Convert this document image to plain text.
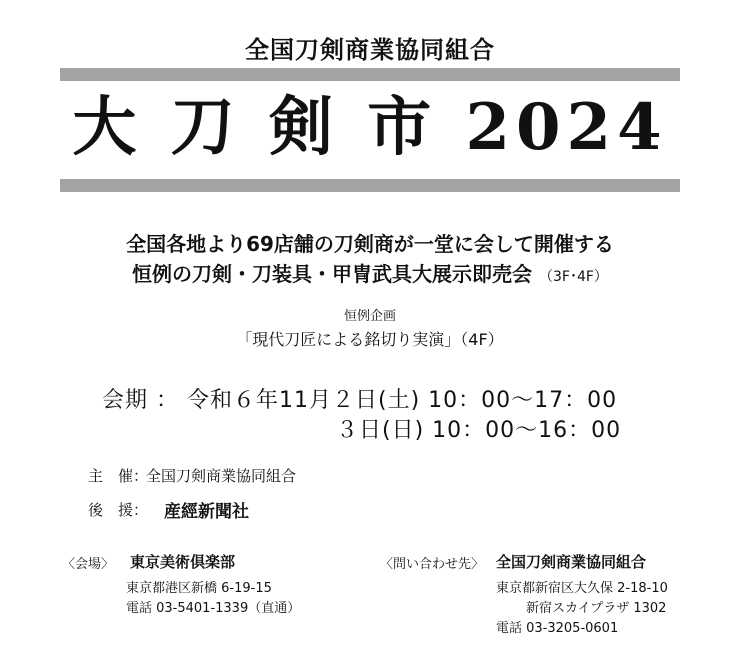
全国刀剣商業協同組合
大 刀 剣 市 2024
全国各地より69店舗の刀剣商が一堂に会して開催する
恒例の刀剣・刀装具・甲冑武具大展示即売会 （3F･4F）
恒例企画
「現代刀匠による銘切り実演」（4F）
会期 ： 令和６年11月２日(土) 10：00～17：00
３日(日) 10：00～16：00
主　催：
全国刀剣商業協同組合
後　援： 産經新聞社
〈会場〉 東京美術倶楽部
東京都港区新橋 6-19-15
電話 03-5401-1339（直通）
〈問い合わせ先〉 全国刀剣商業協同組合
東京都新宿区大久保 2-18-10
新宿スカイプラザ 1302
電話 03-3205-0601
